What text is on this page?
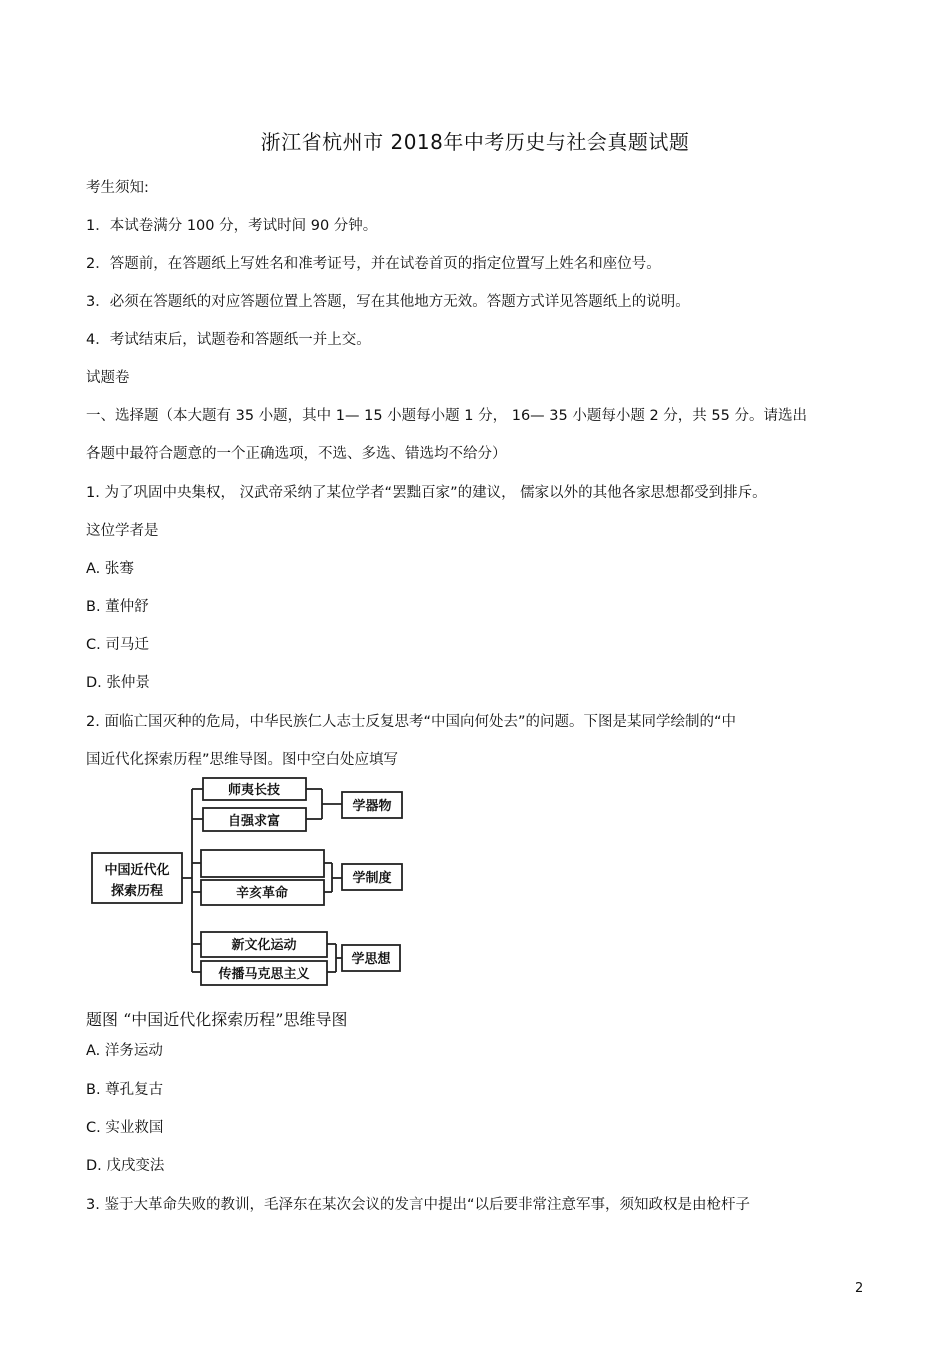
浙江省杭州市 2018年中考历史与社会真题试题
考生须知:
1．本试卷满分 100 分，考试时间 90 分钟。
2．答题前，在答题纸上写姓名和准考证号，并在试卷首页的指定位置写上姓名和座位号。
3．必须在答题纸的对应答题位置上答题，写在其他地方无效。答题方式详见答题纸上的说明。
4．考试结束后，试题卷和答题纸一并上交。
试题卷
一、选择题（本大题有 35 小题，其中 1— 15 小题每小题 1 分， 16— 35 小题每小题 2 分，共 55 分。请选出
各题中最符合题意的一个正确选项，不选、多选、错选均不给分）
1. 为了巩固中央集权， 汉武帝采纳了某位学者“罢黜百家”的建议， 儒家以外的其他各家思想都受到排斥。
这位学者是
A. 张骞
B. 董仲舒
C. 司马迁
D. 张仲景
2. 面临亡国灭种的危局，中华民族仁人志士反复思考“中国向何处去”的问题。下图是某同学绘制的“中
国近代化探索历程”思维导图。图中空白处应填写
中国近代化
探索历程
师夷长技
自强求富
学器物
辛亥革命
学制度
新文化运动
传播马克思主义
学思想
题图 “中国近代化探索历程”思维导图
A. 洋务运动
B. 尊孔复古
C. 实业救国
D. 戊戌变法
3. 鉴于大革命失败的教训，毛泽东在某次会议的发言中提出“以后要非常注意军事，须知政权是由枪杆子
2
